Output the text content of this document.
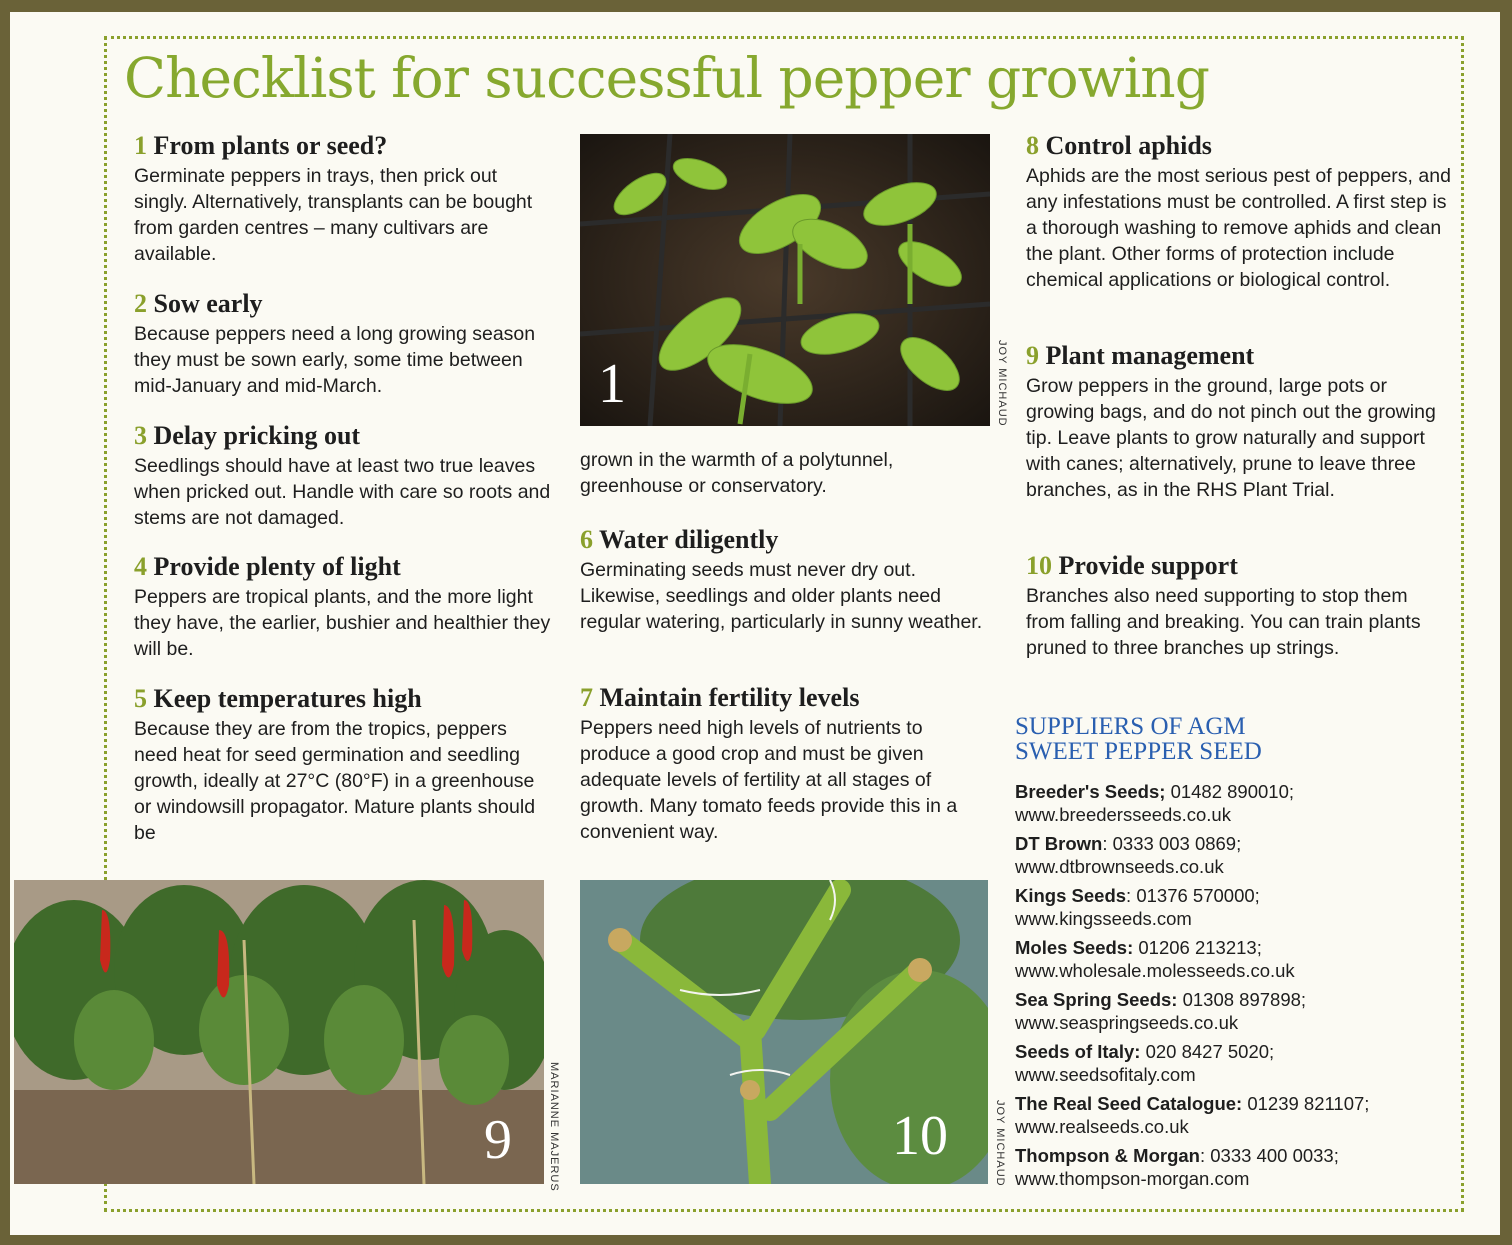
Checklist for successful pepper growing
1 From plants or seed?

Germinate peppers in trays, then prick out singly. Alternatively, transplants can be bought from garden centres – many cultivars are available.

2 Sow early

Because peppers need a long growing season they must be sown early, some time between mid-January and mid-March.

3 Delay pricking out

Seedlings should have at least two true leaves when pricked out. Handle with care so roots and stems are not damaged.

4 Provide plenty of light

Peppers are tropical plants, and the more light they have, the earlier, bushier and healthier they will be.

5 Keep temperatures high

Because they are from the tropics, peppers need heat for seed germination and seedling growth, ideally at 27°C (80°F) in a greenhouse or windowsill propagator. Mature plants should be

1	JOY MICHAUD

grown in the warmth of a polytunnel, greenhouse or conservatory.

6 Water diligently

Germinating seeds must never dry out. Likewise, seedlings and older plants need regular watering, particularly in sunny weather.

7 Maintain fertility levels

Peppers need high levels of nutrients to produce a good crop and must be given adequate levels of fertility at all stages of growth. Many tomato feeds provide this in a convenient way.

8 Control aphids

Aphids are the most serious pest of peppers, and any infestations must be controlled. A first step is a thorough washing to remove aphids and clean the plant. Other forms of protection include chemical applications or biological control.

9 Plant management

Grow peppers in the ground, large pots or growing bags, and do not pinch out the growing tip. Leave plants to grow naturally and support with canes; alternatively, prune to leave three branches, as in the RHS Plant Trial.

10 Provide support

Branches also need supporting to stop them from falling and breaking. You can train plants pruned to three branches up strings.

9	MARIANNE MAJERUS	10	JOY MICHAUD
SUPPLIERS OF AGM
SWEET PEPPER SEED
Breeder's Seeds; 01482 890010;
www.breedersseeds.co.uk
DT Brown: 0333 003 0869;
www.dtbrownseeds.co.uk
Kings Seeds: 01376 570000;
www.kingsseeds.com
Moles Seeds: 01206 213213;
www.wholesale.molesseeds.co.uk
Sea Spring Seeds: 01308 897898;
www.seaspringseeds.co.uk
Seeds of Italy: 020 8427 5020;
www.seedsofitaly.com
The Real Seed Catalogue: 01239 821107;
www.realseeds.co.uk
Thompson & Morgan: 0333 400 0033;
www.thompson-morgan.com
